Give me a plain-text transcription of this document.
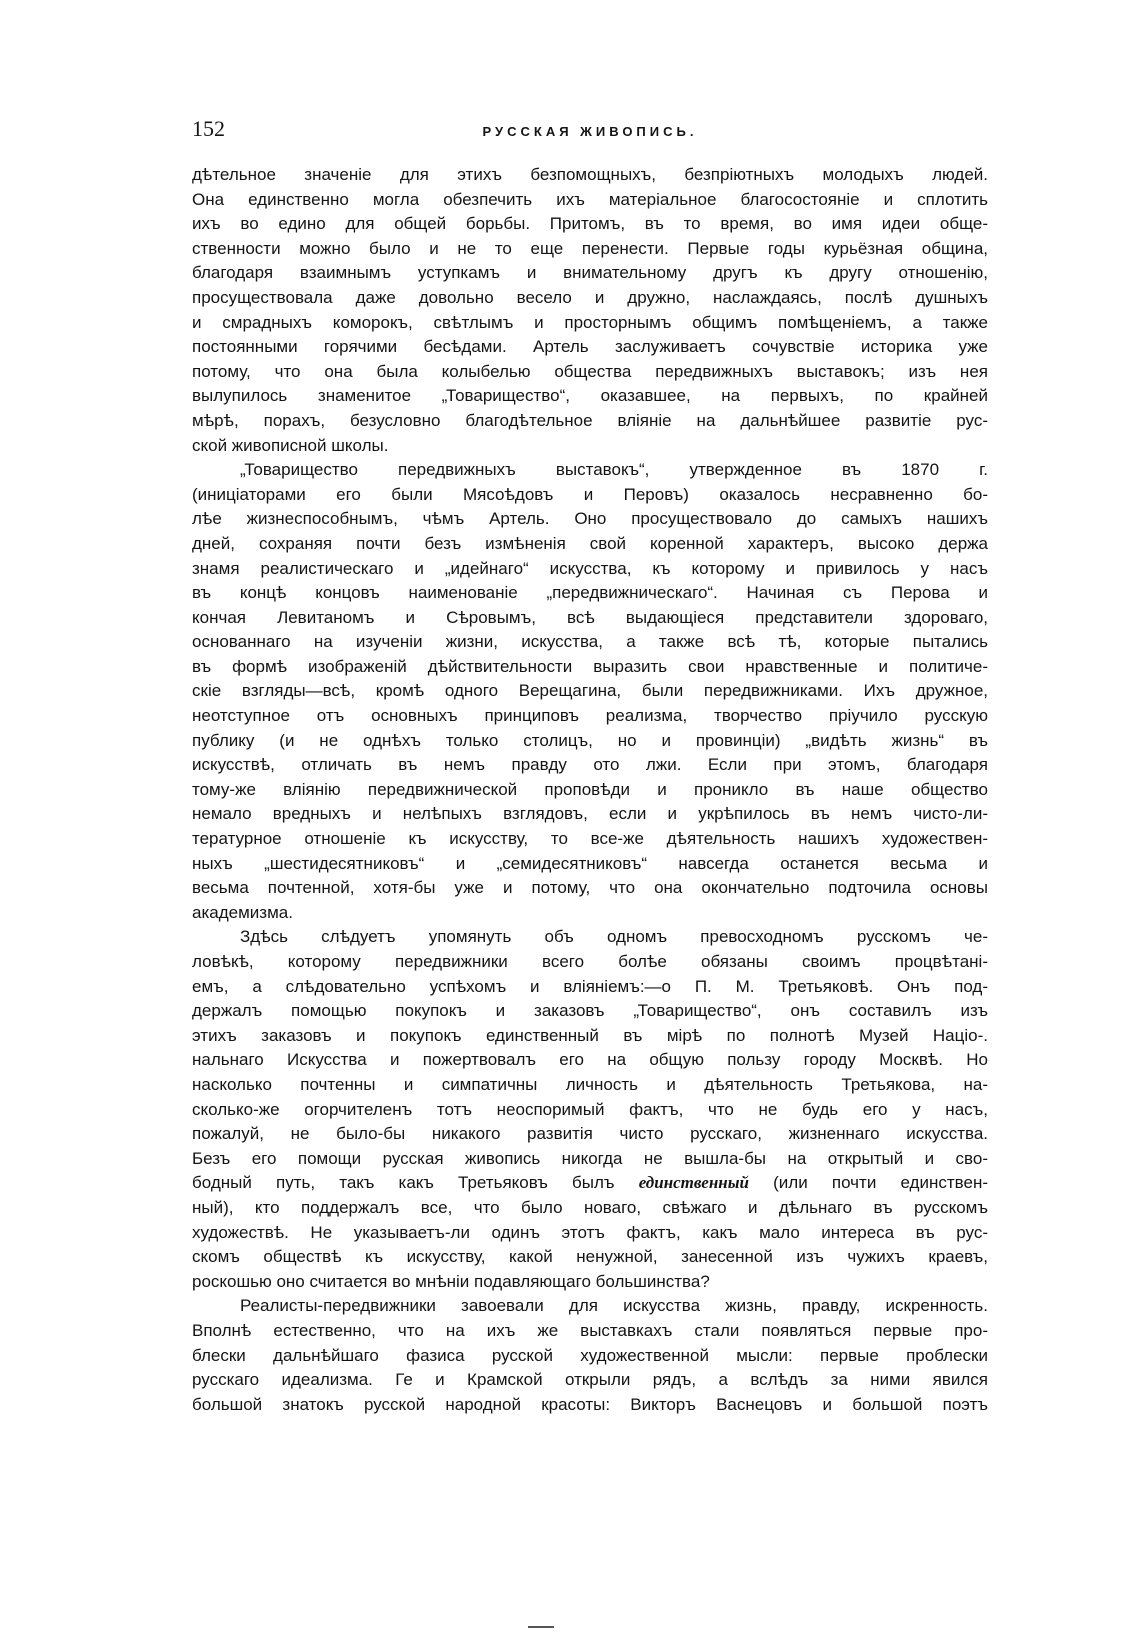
152	РУССКАЯ ЖИВОПИСЬ.
дѣтельное значеніе для этихъ безпомощныхъ, безпріютныхъ молодыхъ людей.
Она единственно могла обезпечить ихъ матеріальное благосостояніе и сплотить
ихъ во едино для общей борьбы. Притомъ, въ то время, во имя идеи обще-
ственности можно было и не то еще перенести. Первые годы курьёзная община,
благодаря взаимнымъ уступкамъ и внимательному другъ къ другу отношенію,
просуществовала даже довольно весело и дружно, наслаждаясь, послѣ душныхъ
и смрадныхъ коморокъ, свѣтлымъ и просторнымъ общимъ помѣщеніемъ, а также
постоянными горячими бесѣдами. Артель заслуживаетъ сочувствіе историка уже
потому, что она была колыбелью общества передвижныхъ выставокъ; изъ нея
вылупилось знаменитое „Товарищество“, оказавшее, на первыхъ, по крайней
мѣрѣ, порахъ, безусловно благодѣтельное вліяніе на дальнѣйшее развитіе рус-
ской живописной школы.
„Товарищество передвижныхъ выставокъ“, утвержденное въ 1870 г.
(иниціаторами его были Мясоѣдовъ и Перовъ) оказалось несравненно бо-
лѣе жизнеспособнымъ, чѣмъ Артель. Оно просуществовало до самыхъ нашихъ
дней, сохраняя почти безъ измѣненія свой коренной характеръ, высоко держа
знамя реалистическаго и „идейнаго“ искусства, къ которому и привилось у насъ
въ концѣ концовъ наименованіе „передвижническаго“. Начиная съ Перова и
кончая Левитаномъ и Сѣровымъ, всѣ выдающіеся представители здороваго,
основаннаго на изученіи жизни, искусства, а также всѣ тѣ, которые пытались
въ формѣ изображеній дѣйствительности выразить свои нравственные и политиче-
скіе взгляды—всѣ, кромѣ одного Верещагина, были передвижниками. Ихъ дружное,
неотступное отъ основныхъ принциповъ реализма, творчество пріучило русскую
публику (и не однѣхъ только столицъ, но и провинціи) „видѣть жизнь“ въ
искусствѣ, отличать въ немъ правду ото лжи. Если при этомъ, благодаря
тому-же вліянію передвижнической проповѣди и проникло въ наше общество
немало вредныхъ и нелѣпыхъ взглядовъ, если и укрѣпилось въ немъ чисто-ли-
тературное отношеніе къ искусству, то все-же дѣятельность нашихъ художествен-
ныхъ „шестидесятниковъ“ и „семидесятниковъ“ навсегда останется весьма и
весьма почтенной, хотя-бы уже и потому, что она окончательно подточила основы
академизма.
Здѣсь слѣдуетъ упомянуть объ одномъ превосходномъ русскомъ че-
ловѣкѣ, которому передвижники всего болѣе обязаны своимъ процвѣтані-
емъ, а слѣдовательно успѣхомъ и вліяніемъ:—о П. М. Третьяковѣ. Онъ под-
держалъ помощью покупокъ и заказовъ „Товарищество“, онъ составилъ изъ
этихъ заказовъ и покупокъ единственный въ мірѣ по полнотѣ Музей Націо-.
нальнаго Искусства и пожертвовалъ его на общую пользу городу Москвѣ. Но
насколько почтенны и симпатичны личность и дѣятельность Третьякова, на-
сколько-же огорчителенъ тотъ неоспоримый фактъ, что не будь его у насъ,
пожалуй, не было-бы никакого развитія чисто русскаго, жизненнаго искусства.
Безъ его помощи русская живопись никогда не вышла-бы на открытый и сво-
бодный путь, такъ какъ Третьяковъ былъ единственный (или почти единствен-
ный), кто поддержалъ все, что было новаго, свѣжаго и дѣльнаго въ русскомъ
художествѣ. Не указываетъ-ли одинъ этотъ фактъ, какъ мало интереса въ рус-
скомъ обществѣ къ искусству, какой ненужной, занесенной изъ чужихъ краевъ,
роскошью оно считается во мнѣніи подавляющаго большинства?
Реалисты-передвижники завоевали для искусства жизнь, правду, искренность.
Вполнѣ естественно, что на ихъ же выставкахъ стали появляться первые про-
блески дальнѣйшаго фазиса русской художественной мысли: первые проблески
русскаго идеализма. Ге и Крамской открыли рядъ, а вслѣдъ за ними явился
большой знатокъ русской народной красоты: Викторъ Васнецовъ и большой поэтъ
